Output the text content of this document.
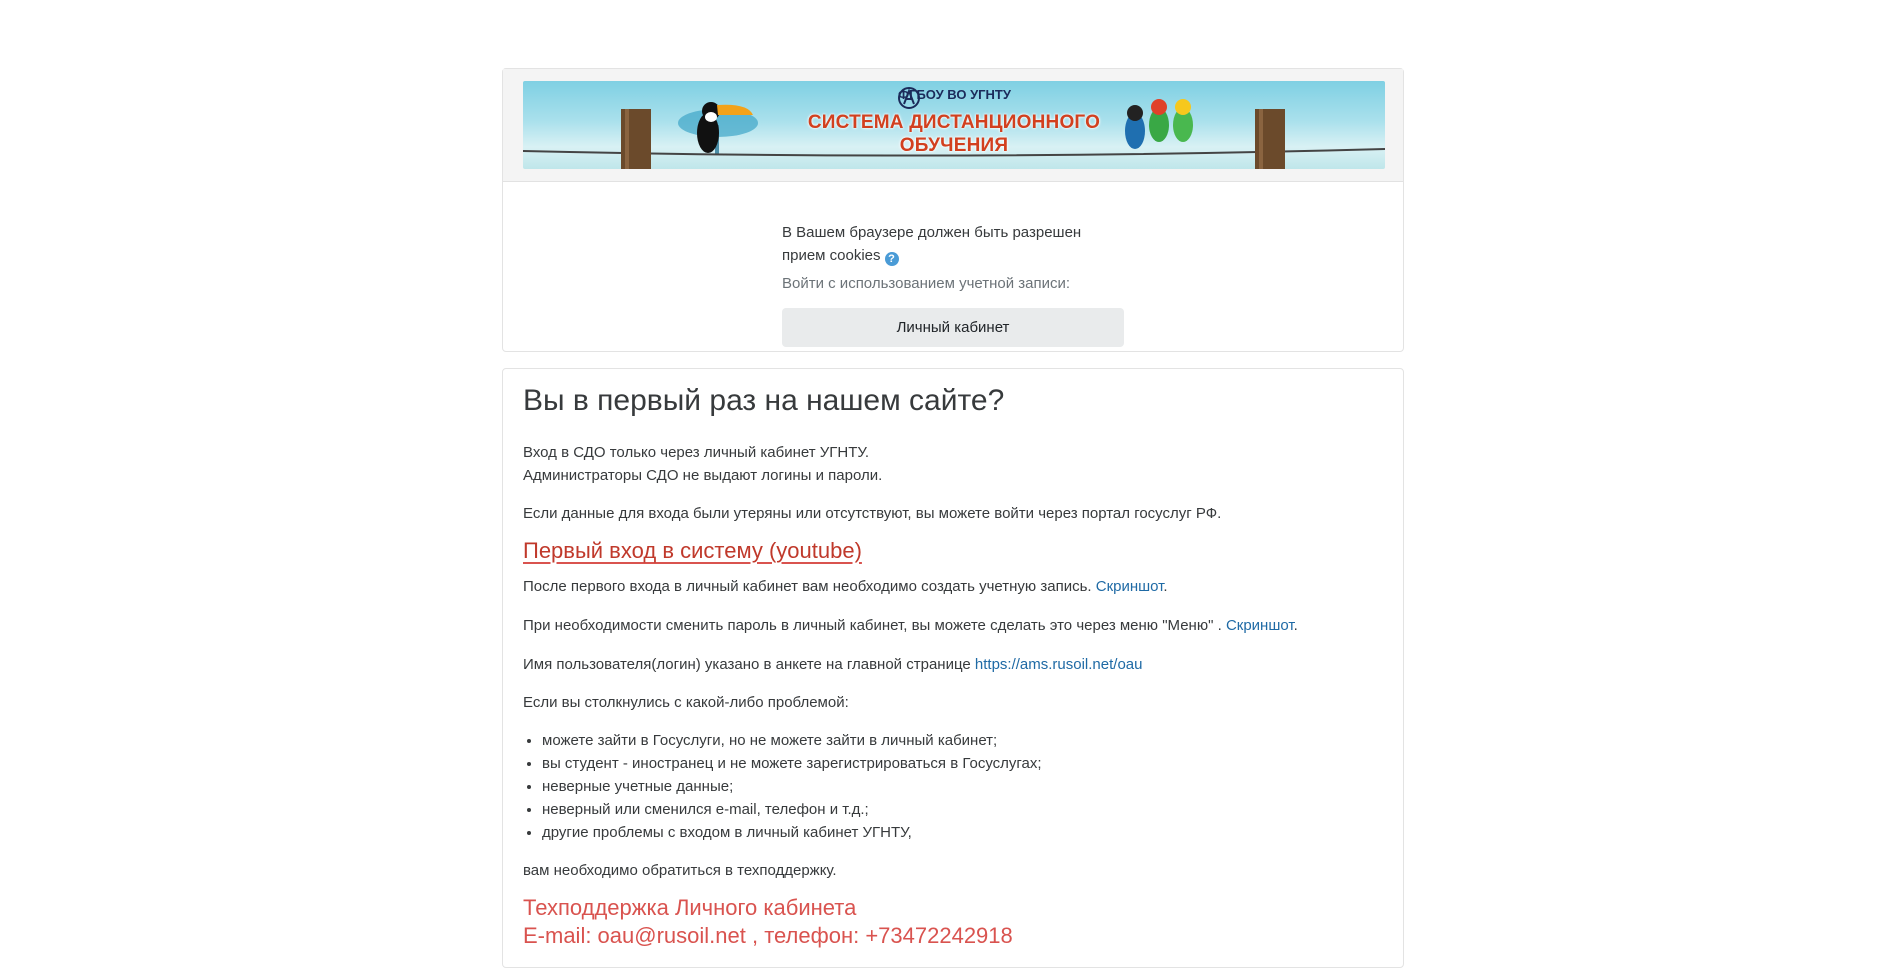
ФГБОУ ВО УГНТУ
СИСТЕМА ДИСТАНЦИОННОГО
ОБУЧЕНИЯ
В Вашем браузере должен быть разрешен
прием cookies ?
Войти с использованием учетной записи:
Личный кабинет
Вы в первый раз на нашем сайте?

Вход в СДО только через личный кабинет УГНТУ.

Администраторы СДО не выдают логины и пароли.

Если данные для входа были утеряны или отсутствуют, вы можете войти через портал госуслуг РФ.

Первый вход в систему (youtube)

После первого входа в личный кабинет вам необходимо создать учетную запись. Скриншот.

При необходимости сменить пароль в личный кабинет, вы можете сделать это через меню "Меню" . Скриншот.

Имя пользователя(логин) указано в анкете на главной странице https://ams.rusoil.net/oau

Если вы столкнулись с какой-либо проблемой:

• можете зайти в Госуслуги, но не можете зайти в личный кабинет;
• вы студент - иностранец и не можете зарегистрироваться в Госуслугах;
• неверные учетные данные;
• неверный или сменился e-mail, телефон и т.д.;
• другие проблемы с входом в личный кабинет УГНТУ,

вам необходимо обратиться в техподдержку.

Техподдержка Личного кабинета
E-mail: oau@rusoil.net , телефон: +73472242918
